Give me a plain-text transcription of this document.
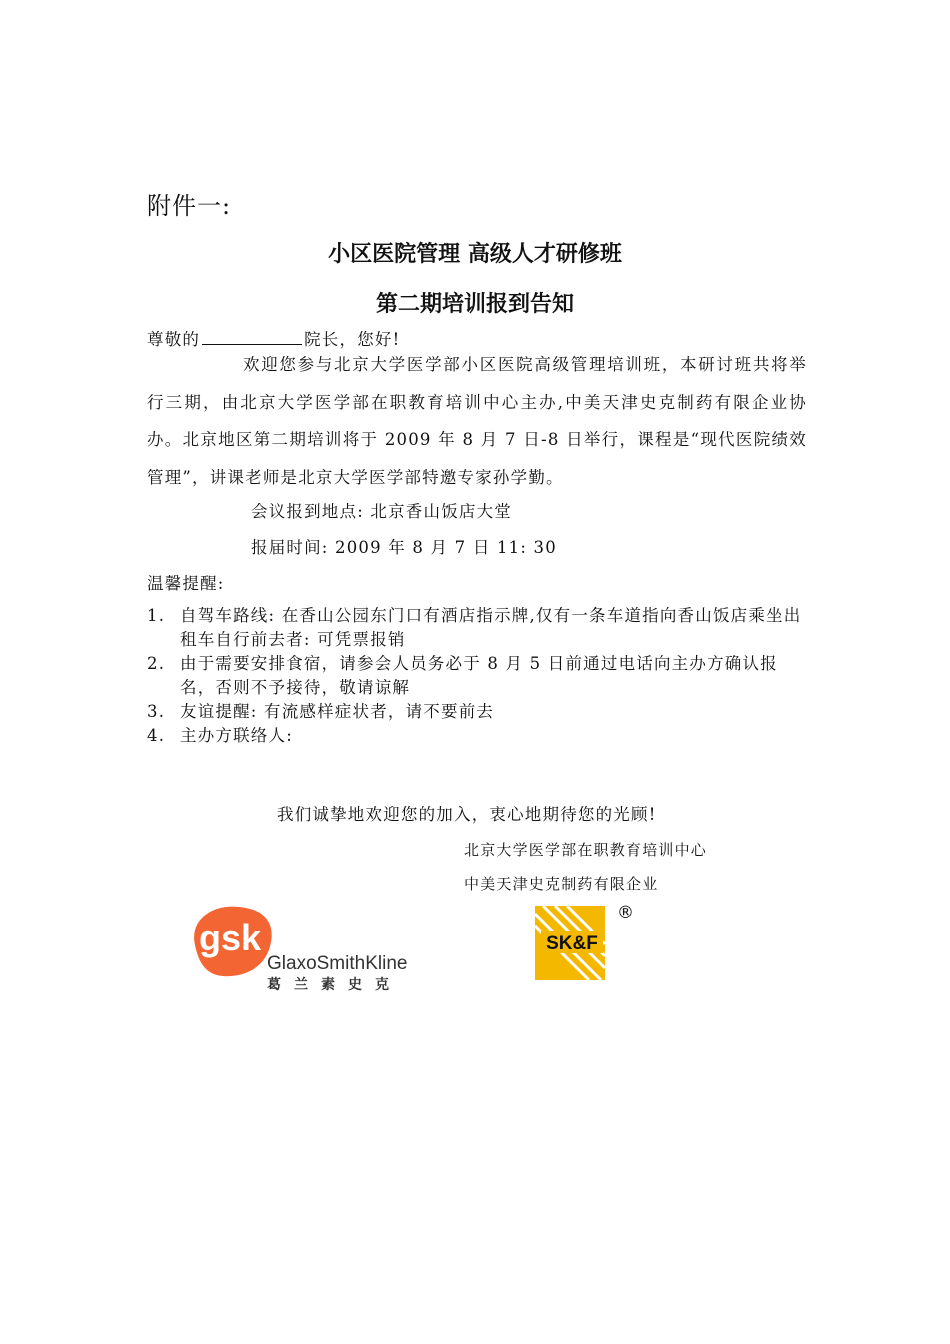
附件一:
小区医院管理 高级人才研修班
第二期培训报到告知
尊敬的	院长，您好!
欢迎您参与北京大学医学部小区医院高级管理培训班，本研讨班共将举行三期，由北京大学医学部在职教育培训中心主办,中美天津史克制药有限企业协办。北京地区第二期培训将于 2009 年 8 月 7 日-8 日举行，课程是“现代医院绩效管理”，讲课老师是北京大学医学部特邀专家孙学勤。
会议报到地点: 北京香山饭店大堂
报届时间: 2009 年 8 月 7 日 11: 30
温馨提醒:
1. 自驾车路线: 在香山公园东门口有酒店指示牌,仅有一条车道指向香山饭店乘坐出租车自行前去者: 可凭票报销
2. 由于需要安排食宿，请参会人员务必于 8 月 5 日前通过电话向主办方确认报名，否则不予接待，敬请谅解
3. 友谊提醒: 有流感样症状者，请不要前去
4. 主办方联络人:
我们诚挚地欢迎您的加入，衷心地期待您的光顾!
北京大学医学部在职教育培训中心
中美天津史克制药有限企业
gsk
GlaxoSmithKline
葛兰素史克
SK&F
®
